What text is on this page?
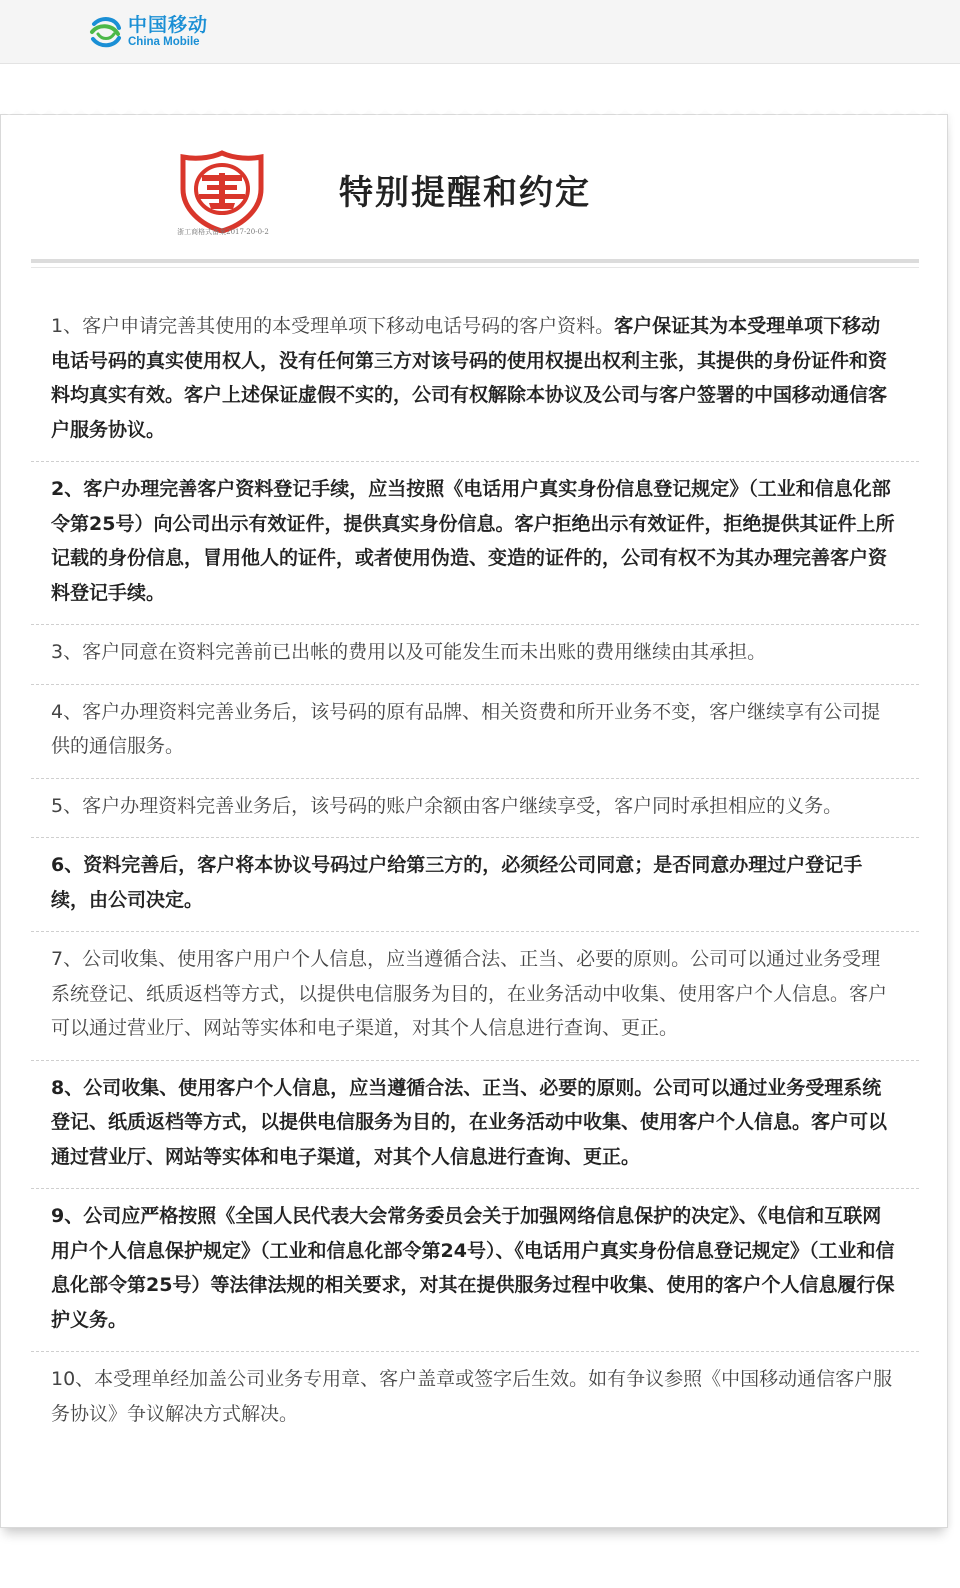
中国移动
China Mobile
浙工商格式备案2017-20-0-2
特别提醒和约定

1、客户申请完善其使用的本受理单项下移动电话号码的客户资料。客户保证其为本受理单项下移动电话号码的真实使用权人，没有任何第三方对该号码的使用权提出权利主张，其提供的身份证件和资料均真实有效。客户上述保证虚假不实的，公司有权解除本协议及公司与客户签署的中国移动通信客户服务协议。

2、客户办理完善客户资料登记手续，应当按照《电话用户真实身份信息登记规定》（工业和信息化部令第25号）向公司出示有效证件，提供真实身份信息。客户拒绝出示有效证件，拒绝提供其证件上所记载的身份信息，冒用他人的证件，或者使用伪造、变造的证件的，公司有权不为其办理完善客户资料登记手续。

3、客户同意在资料完善前已出帐的费用以及可能发生而未出账的费用继续由其承担。

4、客户办理资料完善业务后，该号码的原有品牌、相关资费和所开业务不变，客户继续享有公司提供的通信服务。

5、客户办理资料完善业务后，该号码的账户余额由客户继续享受，客户同时承担相应的义务。

6、资料完善后，客户将本协议号码过户给第三方的，必须经公司同意；是否同意办理过户登记手续，由公司决定。

7、公司收集、使用客户用户个人信息，应当遵循合法、正当、必要的原则。公司可以通过业务受理系统登记、纸质返档等方式，以提供电信服务为目的，在业务活动中收集、使用客户个人信息。客户可以通过营业厅、网站等实体和电子渠道，对其个人信息进行查询、更正。

8、公司收集、使用客户个人信息，应当遵循合法、正当、必要的原则。公司可以通过业务受理系统登记、纸质返档等方式，以提供电信服务为目的，在业务活动中收集、使用客户个人信息。客户可以通过营业厅、网站等实体和电子渠道，对其个人信息进行查询、更正。

9、公司应严格按照《全国人民代表大会常务委员会关于加强网络信息保护的决定》、《电信和互联网用户个人信息保护规定》（工业和信息化部令第24号）、《电话用户真实身份信息登记规定》（工业和信息化部令第25号）等法律法规的相关要求，对其在提供服务过程中收集、使用的客户个人信息履行保护义务。

10、本受理单经加盖公司业务专用章、客户盖章或签字后生效。如有争议参照《中国移动通信客户服务协议》争议解决方式解决。
